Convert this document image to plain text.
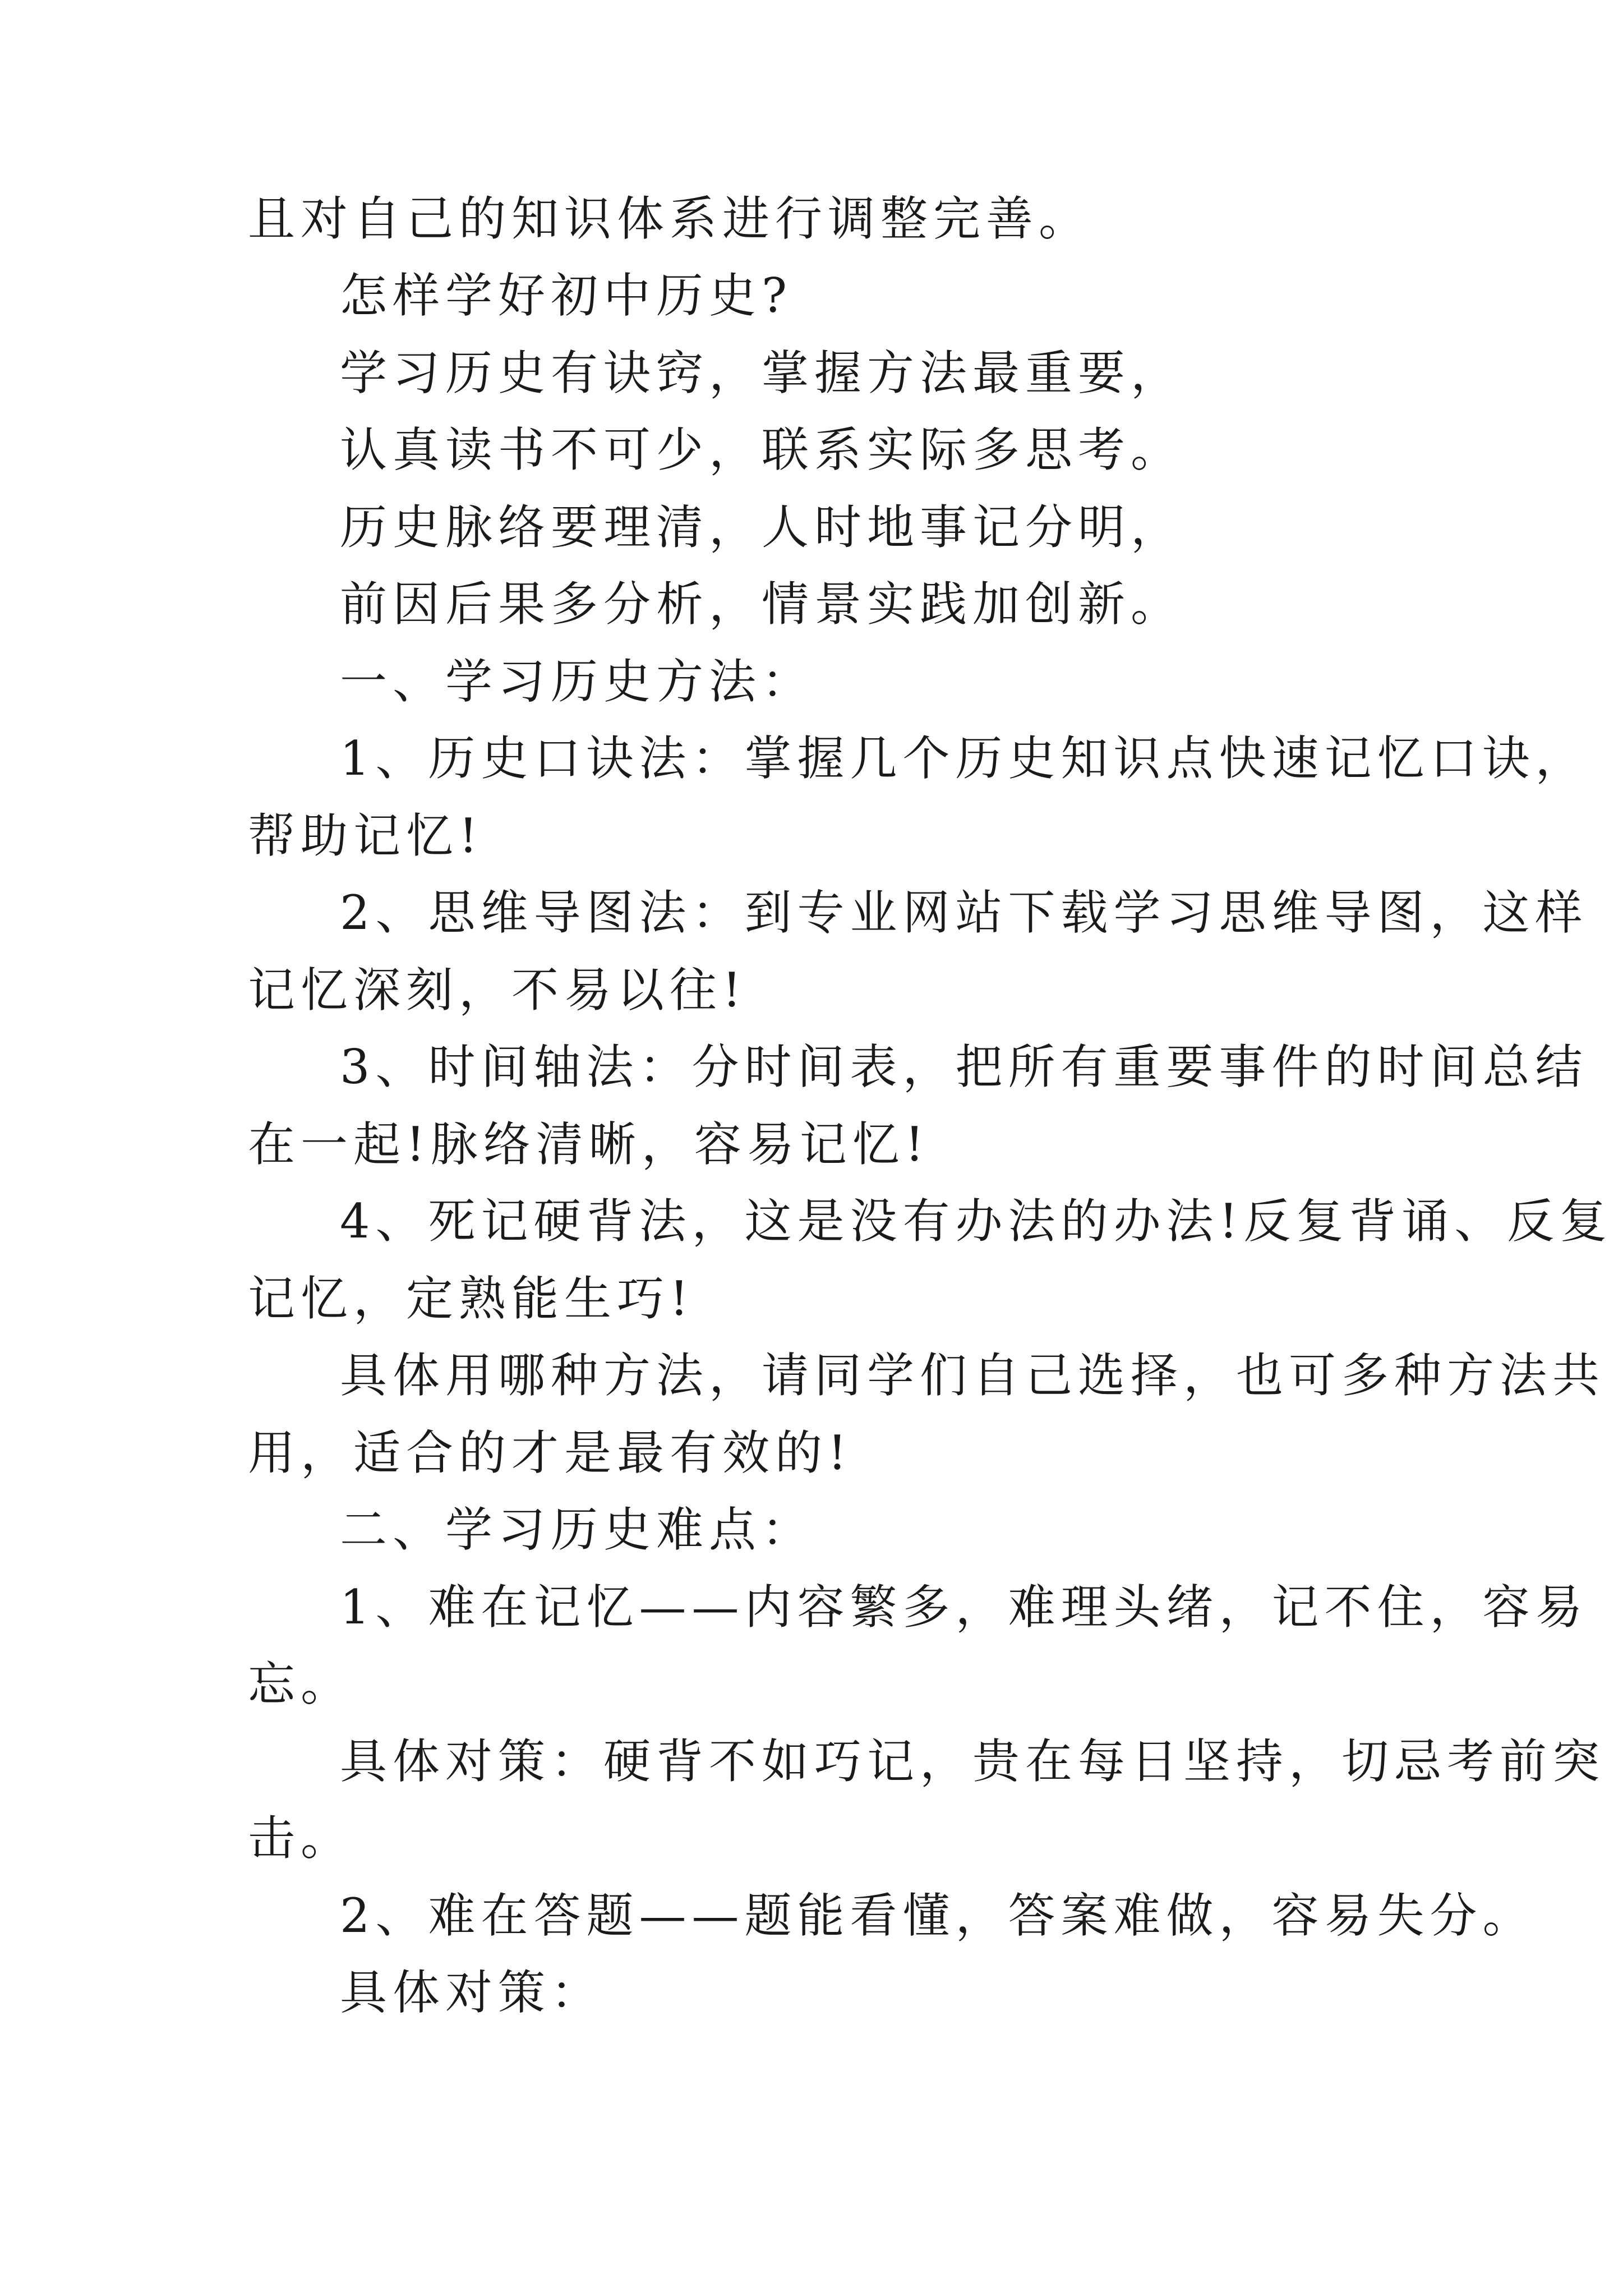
且对自己的知识体系进行调整完善。
怎样学好初中历史?
学习历史有诀窍，掌握方法最重要，
认真读书不可少，联系实际多思考。
历史脉络要理清，人时地事记分明，
前因后果多分析，情景实践加创新。
一、学习历史方法：
1、历史口诀法：掌握几个历史知识点快速记忆口诀，
帮助记忆!
2、思维导图法：到专业网站下载学习思维导图，这样
记忆深刻，不易以往!
3、时间轴法：分时间表，把所有重要事件的时间总结
在一起!脉络清晰，容易记忆!
4、死记硬背法，这是没有办法的办法!反复背诵、反复
记忆，定熟能生巧!
具体用哪种方法，请同学们自己选择，也可多种方法共
用，适合的才是最有效的!
二、学习历史难点：
1、难在记忆——内容繁多，难理头绪，记不住，容易
忘。
具体对策：硬背不如巧记，贵在每日坚持，切忌考前突
击。
2、难在答题——题能看懂，答案难做，容易失分。
具体对策：
